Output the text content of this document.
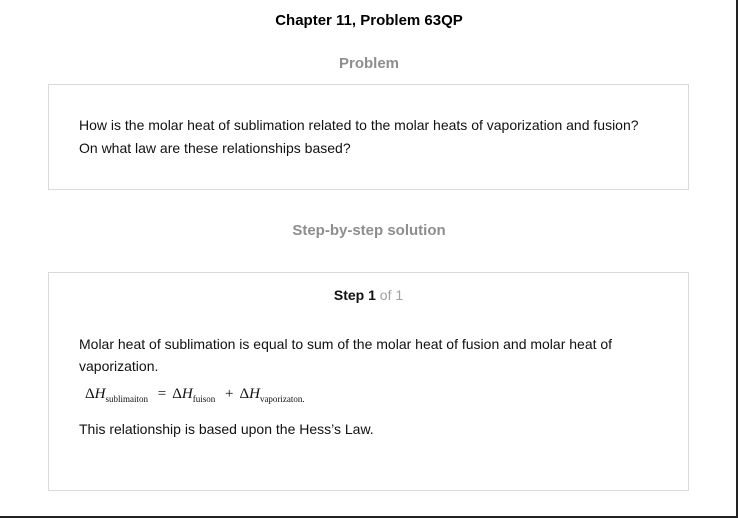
Chapter 11, Problem 63QP
Problem
How is the molar heat of sublimation related to the molar heats of vaporization and fusion?
On what law are these relationships based?
Step-by-step solution
Step 1 of 1
Molar heat of sublimation is equal to sum of the molar heat of fusion and molar heat of vaporization.
$\Delta H_{sublimaiton} = \Delta H_{fuison} + \Delta H_{vaporizaton.}$
This relationship is based upon the Hess’s Law.
